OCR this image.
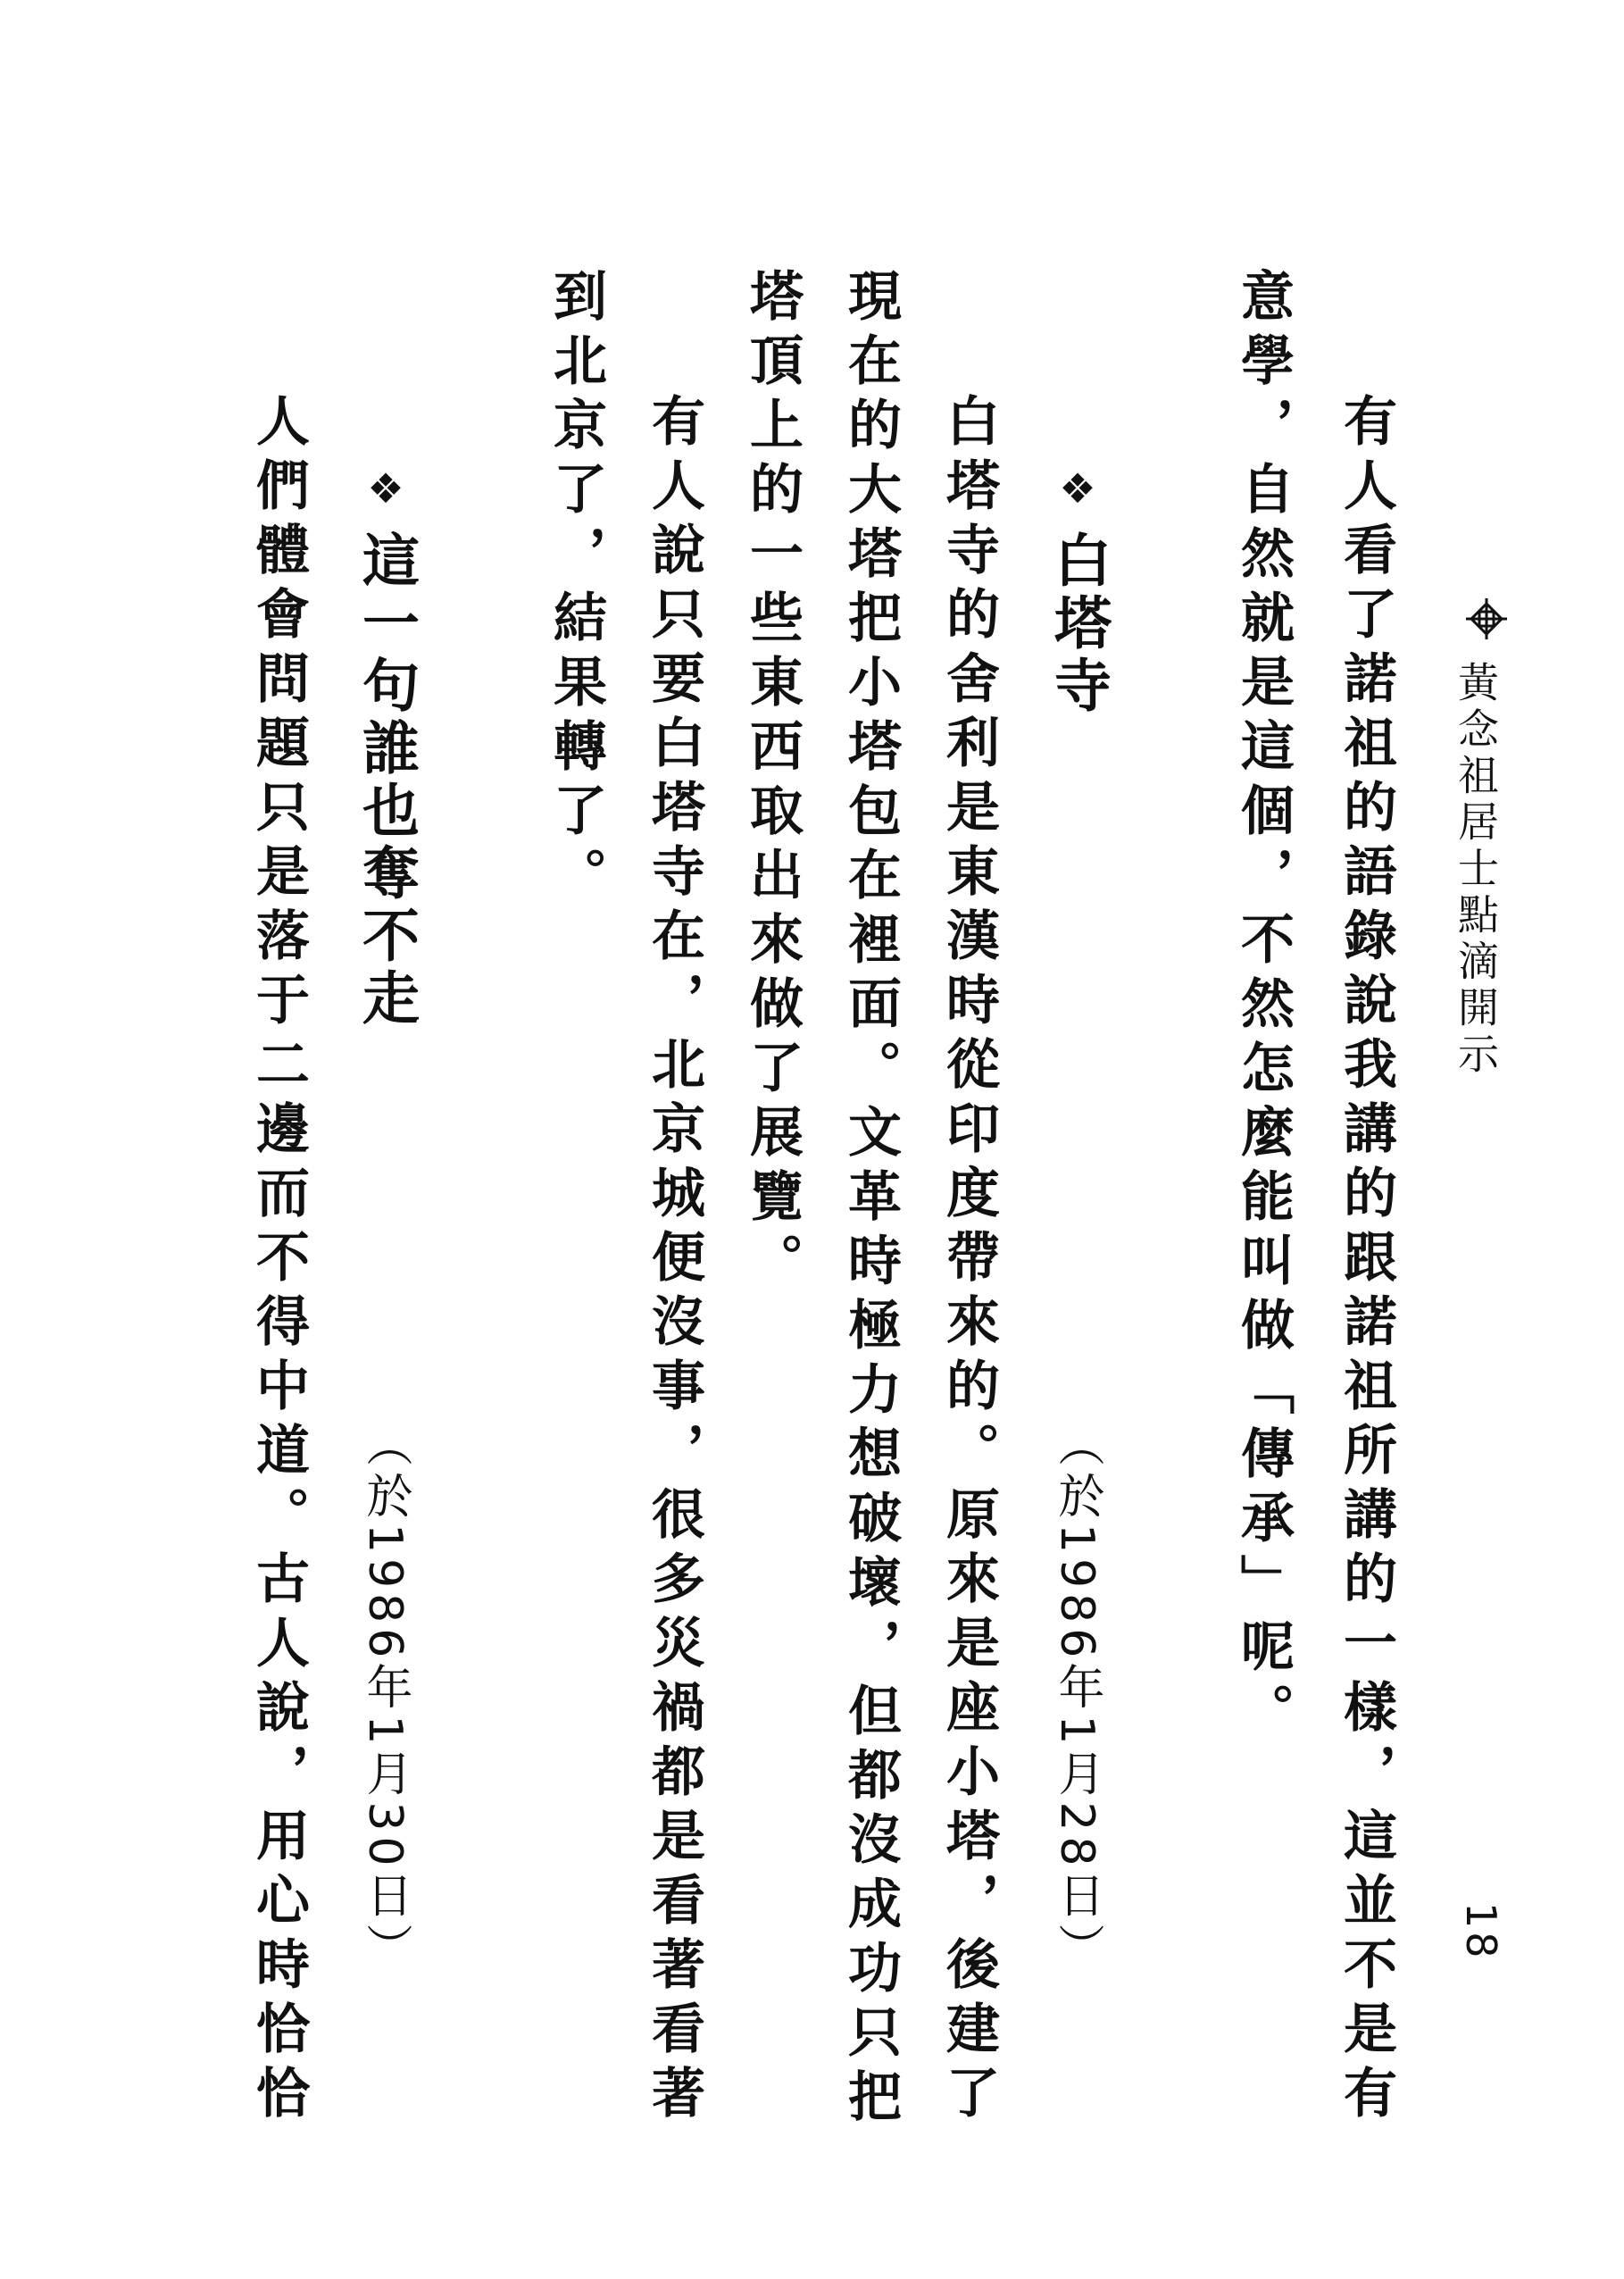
黃念祖居士點滴開示
18
有人看了諾祖的語錄說我講的跟諾祖所講的一樣，這並不是有
意學，自然就是這個，不然怎麼能叫做「傳承」呢。
❖白塔寺
（於1986年1月28日）
白塔寺的舍利是東漢時從印度帶來的。原來是座小塔，後建了
現在的大塔把小塔包在裡面。文革時極力想破壞，但都沒成功只把
塔頂上的一些東西取出來做了展覽。
有人說只要白塔寺在，北京城便沒事，很多災禍都是看著看著
到北京了，結果轉了。
❖這一句誰也奪不走
（於1986年1月30日）
人們體會問題只是落于二邊而不得中道。古人說，用心時恰恰
